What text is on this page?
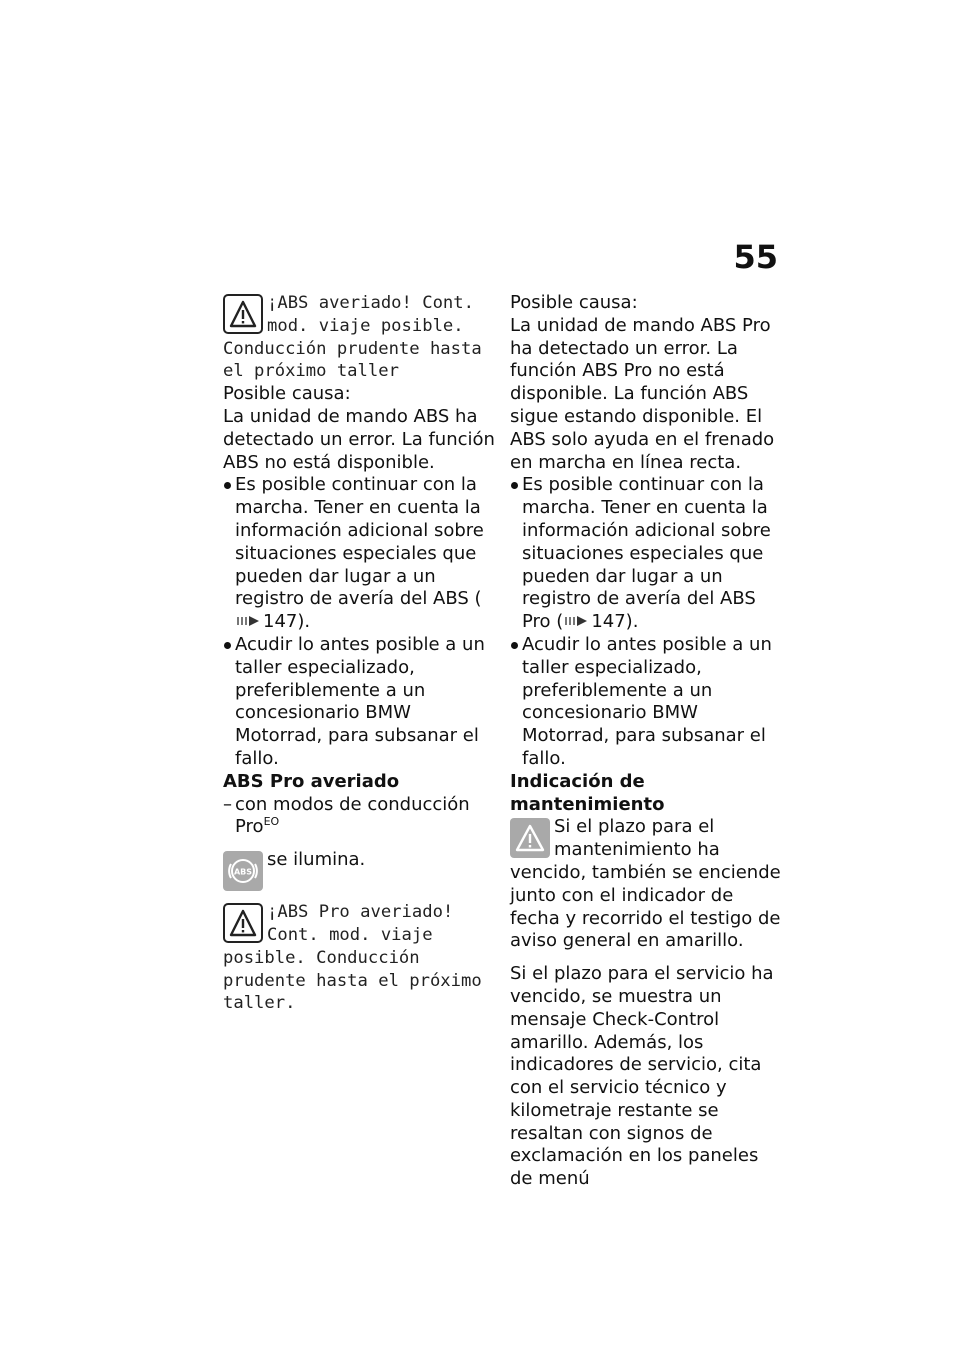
55
¡ABS averiado! Cont. mod. viaje posible. Conducción prudente hasta el próximo taller

Posible causa:

La unidad de mando ABS ha detectado un error. La función ABS no está disponible.

Es posible continuar con la marcha. Tener en cuenta la información adicional sobre situaciones especiales que pueden dar lugar a un registro de avería del ABS (147).
Acudir lo antes posible a un taller especializado, preferiblemente a un concesionario BMW Motorrad, para subsanar el fallo.

ABS Pro averiado

– con modos de conducción Pro$^{EO}$
ABS
se ilumina.
¡ABS Pro averiado! Cont. mod. viaje posible. Conducción prudente hasta el próximo taller.

Posible causa:

La unidad de mando ABS Pro ha detectado un error. La función ABS Pro no está disponible. La función ABS sigue estando disponible. El ABS solo ayuda en el frenado en marcha en línea recta.

Es posible continuar con la marcha. Tener en cuenta la información adicional sobre situaciones especiales que pueden dar lugar a un registro de avería del ABS Pro ( 147).
Acudir lo antes posible a un taller especializado, preferiblemente a un concesionario BMW Motorrad, para subsanar el fallo.

Indicación de mantenimiento

Si el plazo para el mantenimiento ha vencido, también se enciende junto con el indicador de fecha y recorrido el testigo de aviso general en amarillo.

Si el plazo para el servicio ha vencido, se muestra un mensaje Check-Control amarillo. Además, los indicadores de servicio, cita con el servicio técnico y kilometraje restante se resaltan con signos de exclamación en los paneles de menú
